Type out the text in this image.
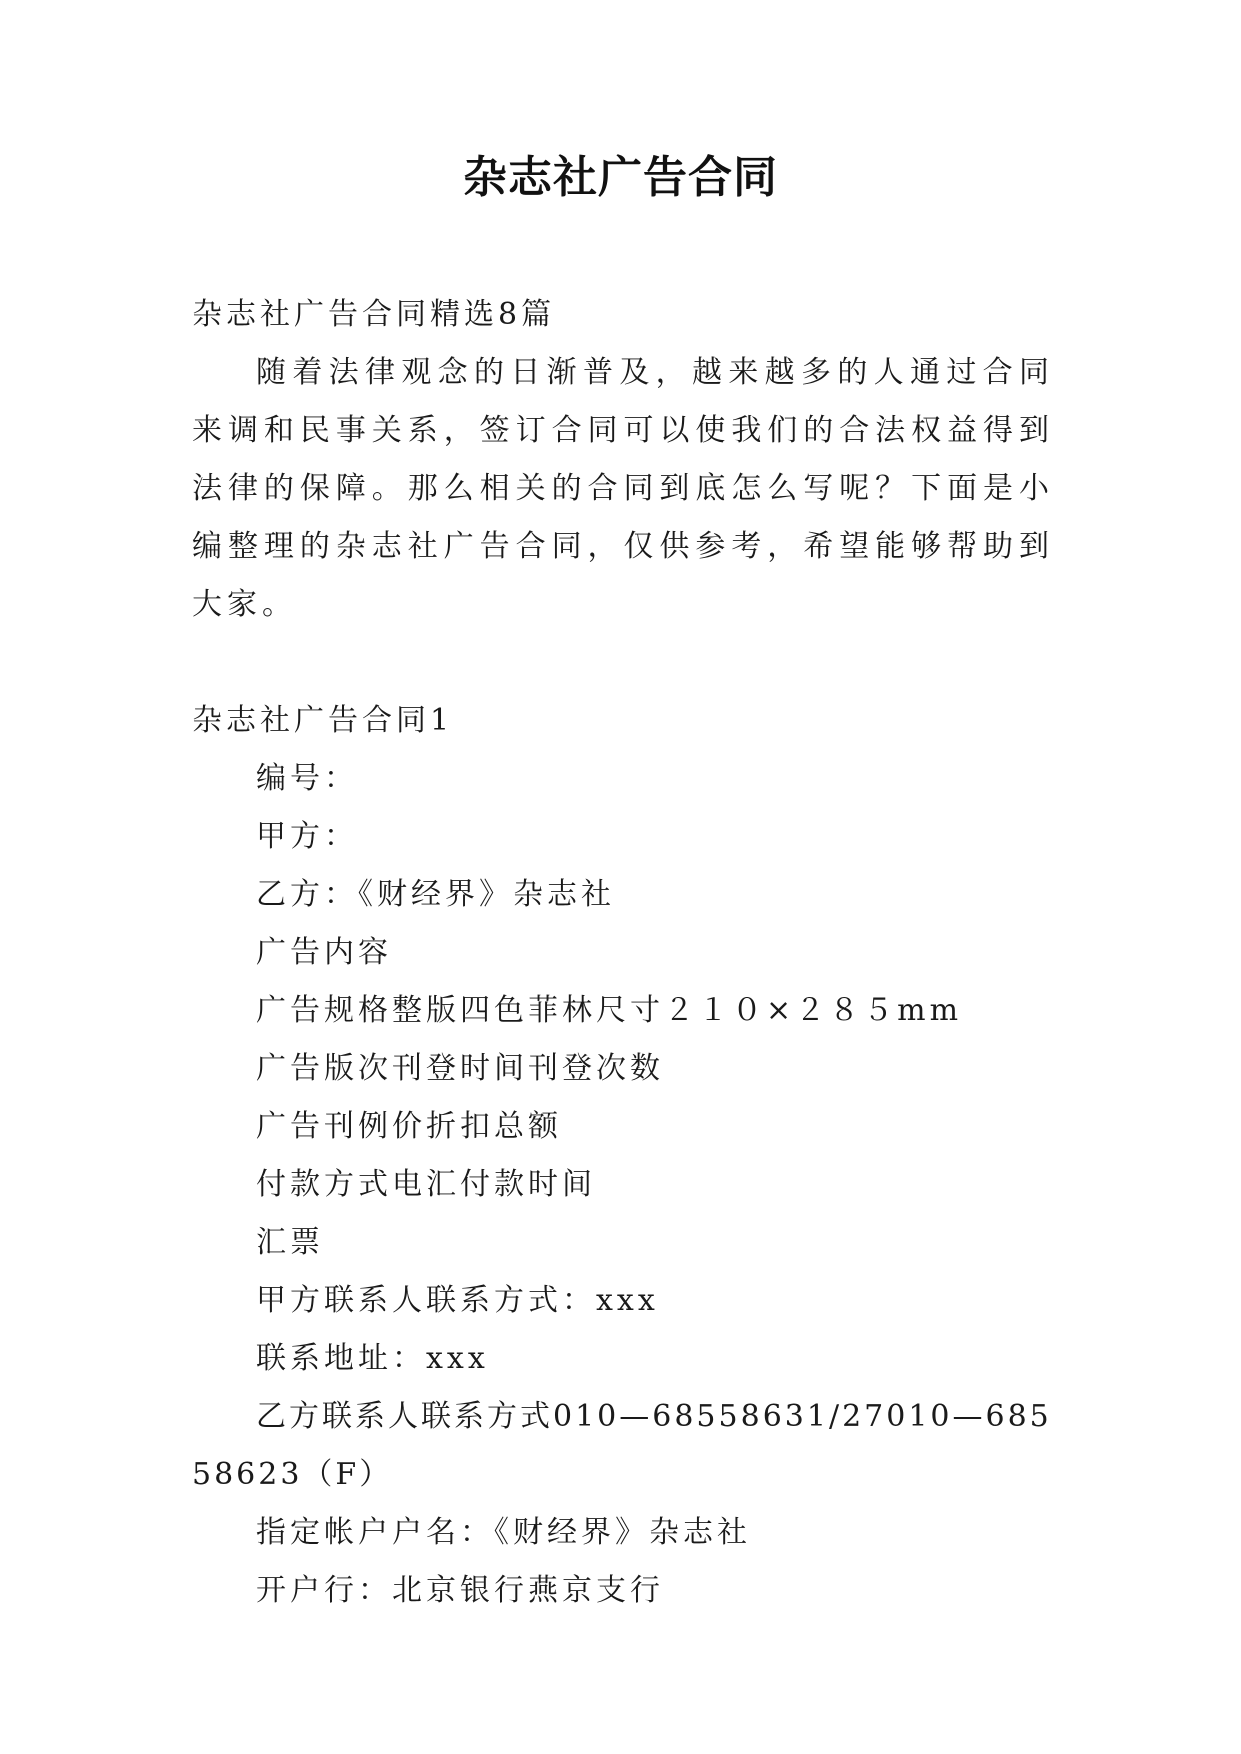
杂志社广告合同
杂志社广告合同精选8篇
随着法律观念的日渐普及，越来越多的人通过合同来调和民事关系，签订合同可以使我们的合法权益得到法律的保障。那么相关的合同到底怎么写呢？下面是小编整理的杂志社广告合同，仅供参考，希望能够帮助到大家。
杂志社广告合同1
编号：
甲方：
乙方：《财经界》杂志社
广告内容
广告规格整版四色菲林尺寸２１０×２８５mm
广告版次刊登时间刊登次数
广告刊例价折扣总额
付款方式电汇付款时间
汇票
甲方联系人联系方式：xxx
联系地址：xxx
乙方联系人联系方式010—68558631/27010—68558623（F）
指定帐户户名：《财经界》杂志社
开户行：北京银行燕京支行
